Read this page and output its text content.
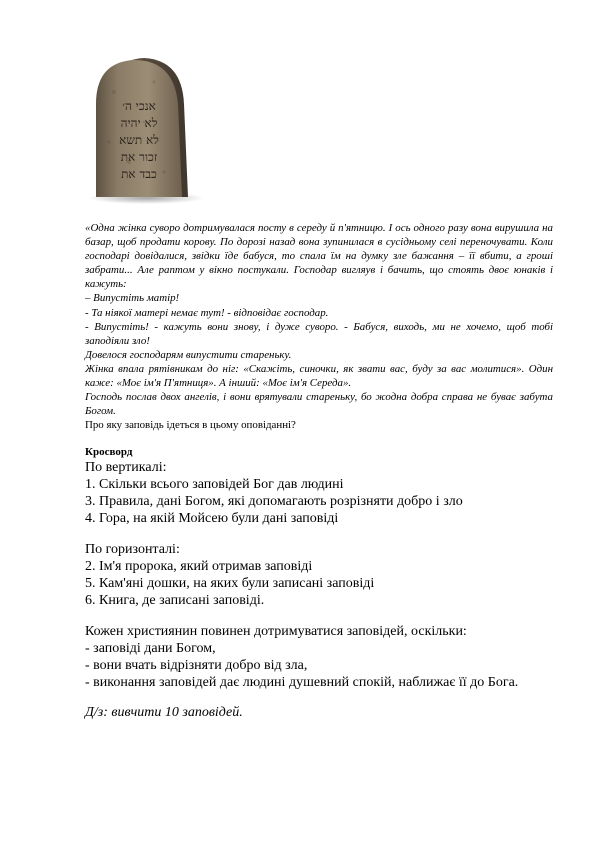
אנכי ה׳
לא יהיה
לא תשא
זכור את
כבד את

«Одна жінка суворо дотримувалася посту в середу й п'ятницю. І ось одного разу вона вирушила на базар, щоб продати корову. По дорозі назад вона зупинилася в сусідньому селі переночувати. Коли господарі довідалися, звідки їде бабуся, то спала їм на думку зле бажання – її вбити, а гроші забрати... Але раптом у вікно постукали. Господар вигляув і бачить, що стоять двоє юнаків і кажуть:

– Випустіть матір!

- Та ніякої матері немає тут! - відповідає господар.

- Випустіть! - кажуть вони знову, і дуже суворо. - Бабуся, виходь, ми не хочемо, щоб тобі заподіяли зло!

Довелося господарям випустити стареньку.

Жінка впала рятівникам до ніг: «Скажіть, синочки, як звати вас, буду за вас молитися». Один каже: «Моє ім'я П'ятниця». А інший: «Моє ім'я Середа».

Господь послав двох ангелів, і вони врятували стареньку, бо жодна добра справа не буває забута Богом.

Про яку заповідь ідеться в цьому оповіданні?

Кросворд

По вертикалі:

1. Скільки всього заповідей Бог дав людині

3. Правила, дані Богом, які допомагають розрізняти добро і зло

4. Гора, на якій Мойсею були дані заповіді

По горизонталі:

2. Ім'я пророка, який отримав заповіді

5. Кам'яні дошки, на яких були записані заповіді

6. Книга, де записані заповіді.

Кожен християнин повинен дотримуватися заповідей, оскільки:

- заповіді дани Богом,

- вони вчать відрізняти добро від зла,

- виконання заповідей дає людині душевний спокій, наближає її до Бога.

Д/з: вивчити 10 заповідей.
